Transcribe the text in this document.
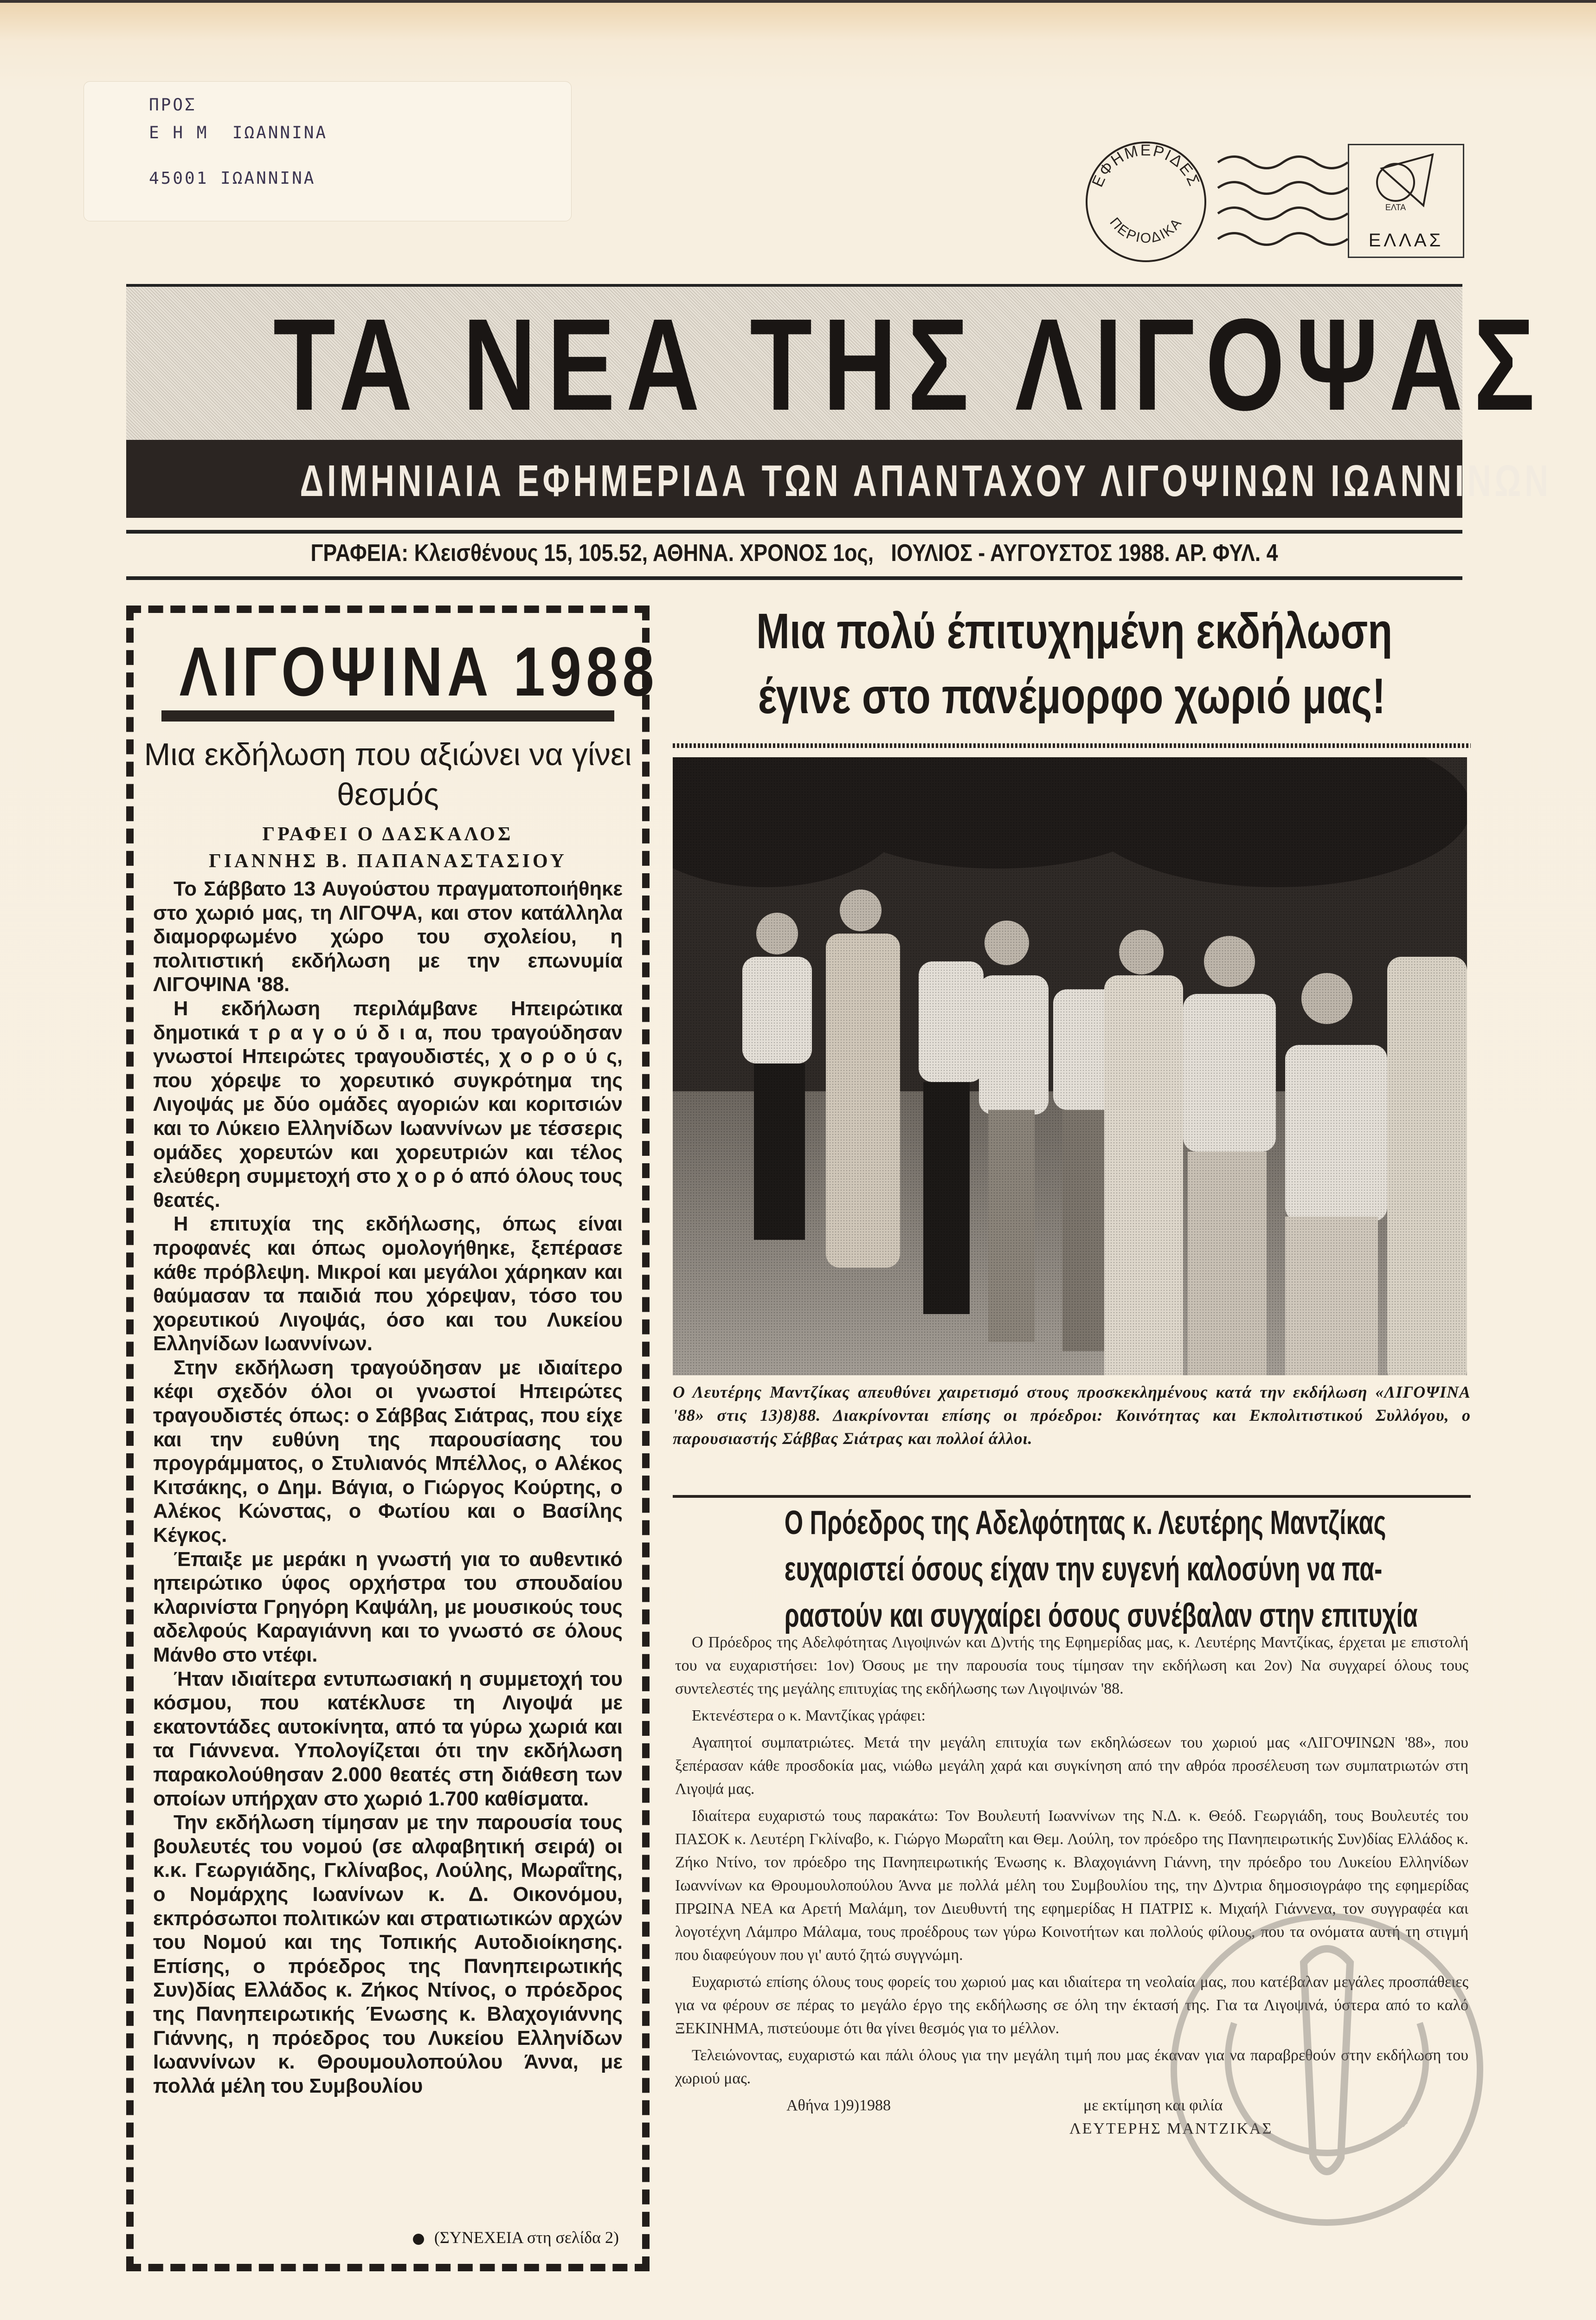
ΠΡΟΣ
Ε Η Μ  ΙΩΑΝΝΙΝΑ
45001 ΙΩΑΝΝΙΝΑ	ΕΦΗΜΕΡΙΔΕΣ
ΠΕΡΙΟΔΙΚΑ
ΕΛΤΑ
ΕΛΛΑΣ
ΤΑ ΝΕΑ ΤΗΣ ΛΙΓΟΨΑΣ
ΔΙΜΗΝΙΑΙΑ ΕΦΗΜΕΡΙΔΑ ΤΩΝ ΑΠΑΝΤΑΧΟΥ ΛΙΓΟΨΙΝΩΝ ΙΩΑΝΝΙΝΩΝ
ΓΡΑΦΕΙΑ: Κλεισθένους 15, 105.52, ΑΘΗΝΑ. ΧΡΟΝΟΣ 1ος,   ΙΟΥΛΙΟΣ - ΑΥΓΟΥΣΤΟΣ 1988. ΑΡ. ΦΥΛ. 4
ΛΙΓΟΨΙΝΑ 1988
Μια εκδήλωση που αξιώνει να γίνει θεσμός
ΓΡΑΦΕΙ Ο ΔΑΣΚΑΛΟΣ
ΓΙΑΝΝΗΣ Β. ΠΑΠΑΝΑΣΤΑΣΙΟΥ

Το Σάββατο 13 Αυγούστου πραγματοποιήθηκε στο χωριό μας, τη ΛΙΓΟΨΑ, και στον κατάλληλα διαμορφωμένο χώρο του σχολείου, η πολιτιστική εκδήλωση με την επωνυμία ΛΙΓΟΨΙΝΑ '88.

Η εκδήλωση περιλάμβανε Ηπειρώτικα δημοτικά τ ρ α γ ο ύ δ ι α, που τραγούδησαν γνωστοί Ηπειρώτες τραγουδιστές, χ ο ρ ο ύ ς, που χόρεψε το χορευτικό συγκρότημα της Λιγοψάς με δύο ομάδες αγοριών και κοριτσιών και το Λύκειο Ελληνίδων Ιωαννίνων με τέσσερις ομάδες χορευτών και χορευτριών και τέλος ελεύθερη συμμετοχή στο χ ο ρ ό από όλους τους θεατές.

Η επιτυχία της εκδήλωσης, όπως είναι προφανές και όπως ομολογήθηκε, ξεπέρασε κάθε πρόβλεψη. Μικροί και μεγάλοι χάρηκαν και θαύμασαν τα παιδιά που χόρεψαν, τόσο του χορευτικού Λιγοψάς, όσο και του Λυκείου Ελληνίδων Ιωαννίνων.

Στην εκδήλωση τραγούδησαν με ιδιαίτερο κέφι σχεδόν όλοι οι γνωστοί Ηπειρώτες τραγουδιστές όπως: ο Σάββας Σιάτρας, που είχε και την ευθύνη της παρουσίασης του προγράμματος, ο Στυλιανός Μπέλλος, ο Αλέκος Κιτσάκης, ο Δημ. Βάγια, ο Γιώργος Κούρτης, ο Αλέκος Κώνστας, ο Φωτίου και ο Βασίλης Κέγκος.

Έπαιξε με μεράκι η γνωστή για το αυθεντικό ηπειρώτικο ύφος ορχήστρα του σπουδαίου κλαρινίστα Γρηγόρη Καψάλη, με μουσικούς τους αδελφούς Καραγιάννη και το γνωστό σε όλους Μάνθο στο ντέφι.

Ήταν ιδιαίτερα εντυπωσιακή η συμμετοχή του κόσμου, που κατέκλυσε τη Λιγοψά με εκατοντάδες αυτοκίνητα, από τα γύρω χωριά και τα Γιάννενα. Υπολογίζεται ότι την εκδήλωση παρακολούθησαν 2.000 θεατές στη διάθεση των οποίων υπήρχαν στο χωριό 1.700 καθίσματα.

Την εκδήλωση τίμησαν με την παρουσία τους βουλευτές του νομού (σε αλφαβητική σειρά) οι κ.κ. Γεωργιάδης, Γκλίναβος, Λούλης, Μωραΐτης, ο Νομάρχης Ιωανίνων κ. Δ. Οικονόμου, εκπρόσωποι πολιτικών και στρατιωτικών αρχών του Νομού και της Τοπικής Αυτοδιοίκησης. Επίσης, ο πρόεδρος της Πανηπειρωτικής Συν)δίας Ελλάδος κ. Ζήκος Ντίνος, ο πρόεδρος της Πανηπειρωτικής Ένωσης κ. Βλαχογιάννης Γιάννης, η πρόεδρος του Λυκείου Ελληνίδων Ιωαννίνων κ. Θρουμουλοπούλου Άννα, με πολλά μέλη του Συμβουλίου

(ΣΥΝΕΧΕΙΑ στη σελίδα 2)
Μια πολύ έπιτυχημένη εκδήλωση
έγινε στο πανέμορφο χωριό μας!
Ο Λευτέρης Μαντζίκας απευθύνει χαιρετισμό στους προσκεκλημένους κατά την εκδήλωση «ΛΙΓΟΨΙΝΑ '88» στις 13)8)88. Διακρίνονται επίσης οι πρόεδροι: Κοινότητας και Εκπολιτιστικού Συλλόγου, ο παρουσιαστής Σάββας Σιάτρας και πολλοί άλλοι.
Ο Πρόεδρος της Αδελφότητας κ. Λευτέρης Μαντζίκας
ευχαριστεί όσους είχαν την ευγενή καλοσύνη να πα-
ραστούν και συγχαίρει όσους συνέβαλαν στην επιτυχία

Ο Πρόεδρος της Αδελφότητας Λιγοψινών και Δ)ντής της Εφημερίδας μας, κ. Λευτέρης Μαντζίκας, έρχεται με επιστολή του να ευχαριστήσει: 1ον) Όσους με την παρουσία τους τίμησαν την εκδήλωση και 2ον) Να συγχαρεί όλους τους συντελεστές της μεγάλης επιτυχίας της εκδήλωσης των Λιγοψινών '88.

Εκτενέστερα ο κ. Μαντζίκας γράφει:

Αγαπητοί συμπατριώτες. Μετά την μεγάλη επιτυχία των εκδηλώσεων του χωριού μας «ΛΙΓΟΨΙΝΩΝ '88», που ξεπέρασαν κάθε προσδοκία μας, νιώθω μεγάλη χαρά και συγκίνηση από την αθρόα προσέλευση των συμπατριωτών στη Λιγοψά μας.

Ιδιαίτερα ευχαριστώ τους παρακάτω: Τον Βουλευτή Ιωαννίνων της Ν.Δ. κ. Θεόδ. Γεωργιάδη, τους Βουλευτές του ΠΑΣΟΚ κ. Λευτέρη Γκλίναβο, κ. Γιώργο Μωραΐτη και Θεμ. Λούλη, τον πρόεδρο της Πανηπειρωτικής Συν)δίας Ελλάδος κ. Ζήκο Ντίνο, τον πρόεδρο της Πανηπειρωτικής Ένωσης κ. Βλαχογιάννη Γιάννη, την πρόεδρο του Λυκείου Ελληνίδων Ιωαννίνων κα Θρουμουλοπούλου Άννα με πολλά μέλη του Συμβουλίου της, την Δ)ντρια δημοσιογράφο της εφημερίδας ΠΡΩΙΝΑ ΝΕΑ κα Αρετή Μαλάμη, τον Διευθυντή της εφημερίδας Η ΠΑΤΡΙΣ κ. Μιχαήλ Γιάννενα, τον συγγραφέα και λογοτέχνη Λάμπρο Μάλαμα, τους προέδρους των γύρω Κοινοτήτων και πολλούς φίλους, που τα ονόματα αυτή τη στιγμή που διαφεύγουν που γι' αυτό ζητώ συγγνώμη.

Ευχαριστώ επίσης όλους τους φορείς του χωριού μας και ιδιαίτερα τη νεολαία μας, που κατέβαλαν μεγάλες προσπάθειες για να φέρουν σε πέρας το μεγάλο έργο της εκδήλωσης σε όλη την έκτασή της. Για τα Λιγοψινά, ύστερα από το καλό ΞΕΚΙΝΗΜΑ, πιστεύουμε ότι θα γίνει θεσμός για το μέλλον.

Τελειώνοντας, ευχαριστώ και πάλι όλους για την μεγάλη τιμή που μας έκαναν για να παραβρεθούν στην εκδήλωση του χωριού μας.

Αθήνα 1)9)1988	με εκτίμηση και φιλία
ΛΕΥΤΕΡΗΣ ΜΑΝΤΖΙΚΑΣ
